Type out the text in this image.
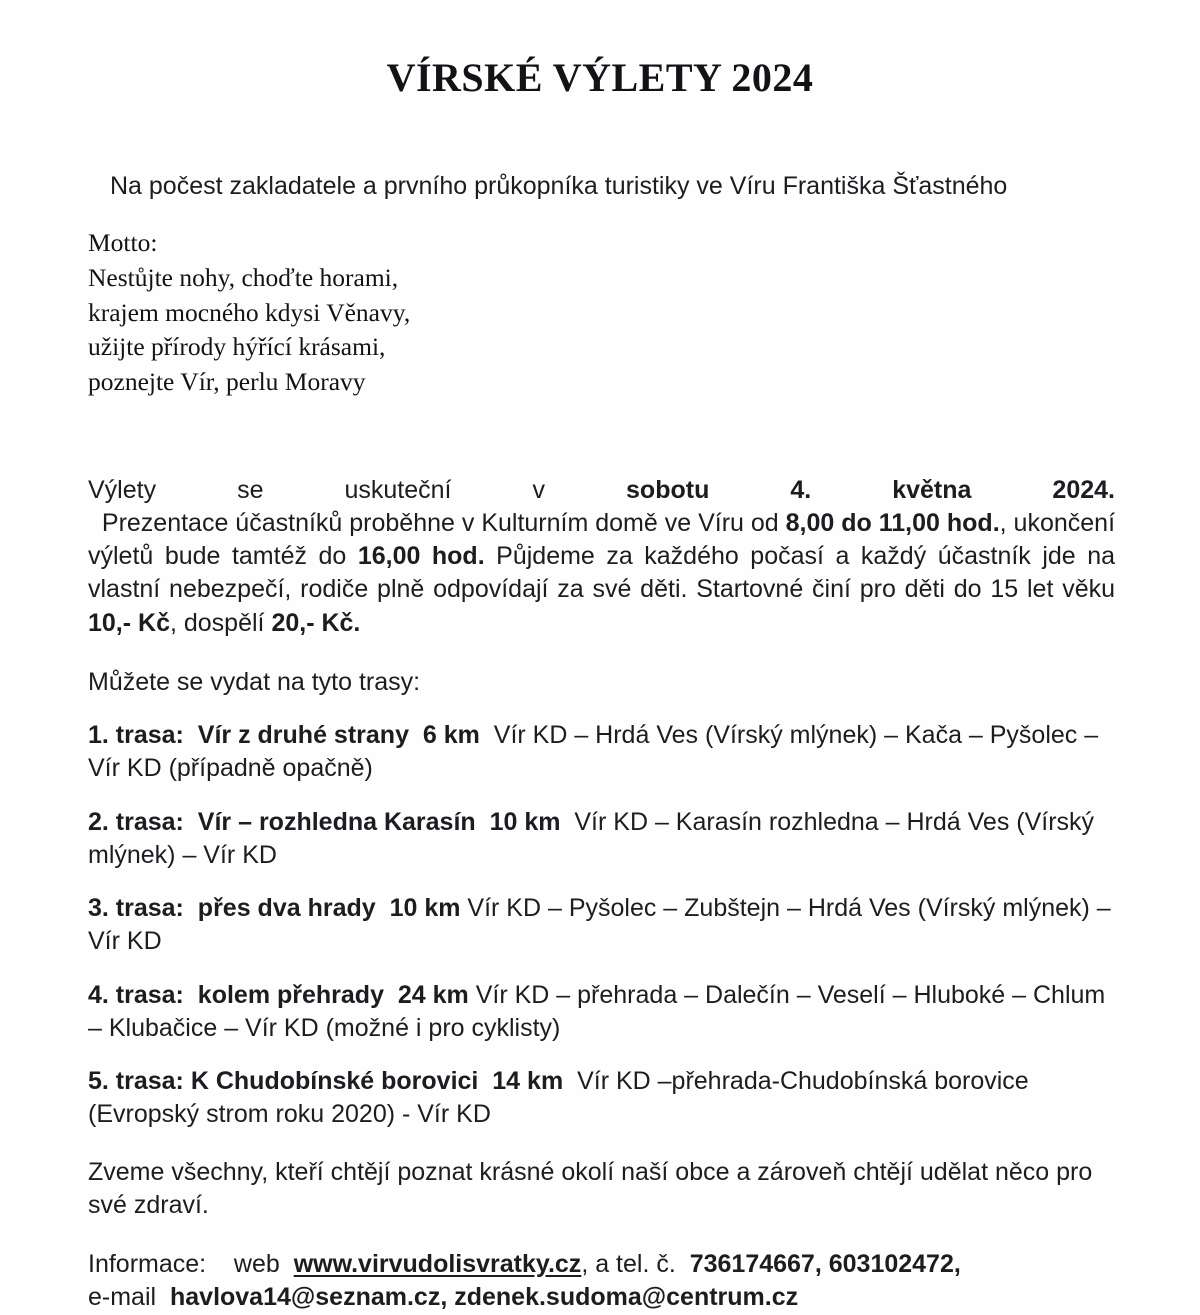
VÍRSKÉ VÝLETY 2024

Na počest zakladatele a prvního průkopníka turistiky ve Víru Františka Šťastného

Motto:
Nestůjte nohy, choďte horami,
krajem mocného kdysi Věnavy,
užijte přírody hýřící krásami,
poznejte Vír, perlu Moravy

Výlety se uskuteční v sobotu 4. května 2024.  Prezentace účastníků proběhne v Kulturním domě ve Víru od 8,00 do 11,00 hod., ukončení výletů bude tamtéž do 16,00 hod. Půjdeme za každého počasí a každý účastník jde na vlastní nebezpečí, rodiče plně odpovídají za své děti. Startovné činí pro děti do 15 let věku 10,- Kč, dospělí 20,- Kč.

Můžete se vydat na tyto trasy:

1. trasa: Vír z druhé strany 6 km Vír KD – Hrdá Ves (Vírský mlýnek) – Kača – Pyšolec – Vír KD (případně opačně)

2. trasa: Vír – rozhledna Karasín 10 km Vír KD – Karasín rozhledna – Hrdá Ves (Vírský mlýnek) – Vír KD

3. trasa: přes dva hrady 10 km Vír KD – Pyšolec – Zubštejn – Hrdá Ves (Vírský mlýnek) – Vír KD

4. trasa: kolem přehrady 24 km Vír KD – přehrada – Dalečín – Veselí – Hluboké – Chlum – Klubačice – Vír KD (možné i pro cyklisty)

5. trasa: K Chudobínské borovici 14 km Vír KD –přehrada-Chudobínská borovice (Evropský strom roku 2020) - Vír KD

Zveme všechny, kteří chtějí poznat krásné okolí naší obce a zároveň chtějí udělat něco pro své zdraví.

Informace: web www.virvudolisvratky.cz, a tel. č. 736174667, 603102472,
e-mail havlova14@seznam.cz, zdenek.sudoma@centrum.cz
